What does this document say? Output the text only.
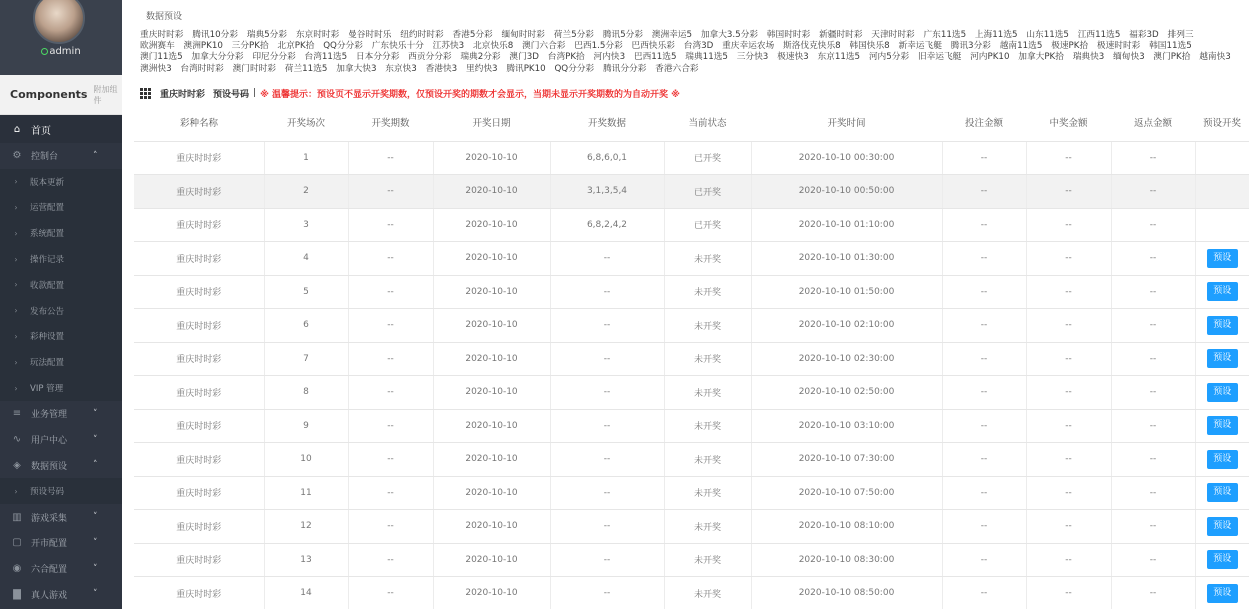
admin
Components 附加组件
⌂ 首页
⚙ 控制台	˄
› 版本更新
› 运营配置
› 系统配置
› 操作记录
› 收款配置
› 发布公告
› 彩种设置
› 玩法配置
› VIP 管理
≡ 业务管理	˅
∿ 用户中心	˅
◈ 数据预设	˄
› 预设号码
▥ 游戏采集	˅
▢ 开市配置	˅
◉ 六合配置	˅
▇ 真人游戏	˅
数据预设
重庆时时彩 腾讯10分彩 瑞典5分彩 东京时时彩 曼谷时时乐 纽约时时彩 香港5分彩 缅甸时时彩 荷兰5分彩 腾讯5分彩 澳洲幸运5 加拿大3.5分彩 韩国时时彩 新疆时时彩 天津时时彩 广东11选5 上海11选5 山东11选5 江西11选5 福彩3D 排列三 欧洲赛车 澳洲PK10 三分PK拾 北京PK拾 QQ分分彩 广东快乐十分 江苏快3 北京快乐8 澳门六合彩 巴西1.5分彩 巴西快乐彩 台湾3D 重庆幸运农场 斯洛伐克快乐8 韩国快乐8 新幸运飞艇 腾讯3分彩 越南11选5 极速PK拾 极速时时彩 韩国11选5 澳门11选5 加拿大分分彩 印尼分分彩 台湾11选5 日本分分彩 西贡分分彩 瑞典2分彩 澳门3D 台湾PK拾 河内快3 巴西11选5 瑞典11选5 三分快3 极速快3 东京11选5 河内5分彩 旧幸运飞艇 河内PK10 加拿大PK拾 瑞典快3 缅甸快3 澳门PK拾 越南快3 澳洲快3 台湾时时彩 澳门时时彩 荷兰11选5 加拿大快3 东京快3 香港快3 里约快3 腾讯PK10 QQ分分彩 腾讯分分彩 香港六合彩
重庆时时彩 预设号码 | ※ 温馨提示：预设页不显示开奖期数，仅预设开奖的期数才会显示，当期未显示开奖期数的为自动开奖 ※
彩种名称	开奖场次	开奖期数	开奖日期	开奖数据	当前状态	开奖时间	投注金额	中奖金额	返点金额	预设开奖
重庆时时彩	1	--	2020-10-10	6,8,6,0,1	已开奖	2020-10-10 00:30:00	--	--	--	
重庆时时彩	2	--	2020-10-10	3,1,3,5,4	已开奖	2020-10-10 00:50:00	--	--	--	
重庆时时彩	3	--	2020-10-10	6,8,2,4,2	已开奖	2020-10-10 01:10:00	--	--	--	
重庆时时彩	4	--	2020-10-10	--	未开奖	2020-10-10 01:30:00	--	--	--	预设
重庆时时彩	5	--	2020-10-10	--	未开奖	2020-10-10 01:50:00	--	--	--	预设
重庆时时彩	6	--	2020-10-10	--	未开奖	2020-10-10 02:10:00	--	--	--	预设
重庆时时彩	7	--	2020-10-10	--	未开奖	2020-10-10 02:30:00	--	--	--	预设
重庆时时彩	8	--	2020-10-10	--	未开奖	2020-10-10 02:50:00	--	--	--	预设
重庆时时彩	9	--	2020-10-10	--	未开奖	2020-10-10 03:10:00	--	--	--	预设
重庆时时彩	10	--	2020-10-10	--	未开奖	2020-10-10 07:30:00	--	--	--	预设
重庆时时彩	11	--	2020-10-10	--	未开奖	2020-10-10 07:50:00	--	--	--	预设
重庆时时彩	12	--	2020-10-10	--	未开奖	2020-10-10 08:10:00	--	--	--	预设
重庆时时彩	13	--	2020-10-10	--	未开奖	2020-10-10 08:30:00	--	--	--	预设
重庆时时彩	14	--	2020-10-10	--	未开奖	2020-10-10 08:50:00	--	--	--	预设
